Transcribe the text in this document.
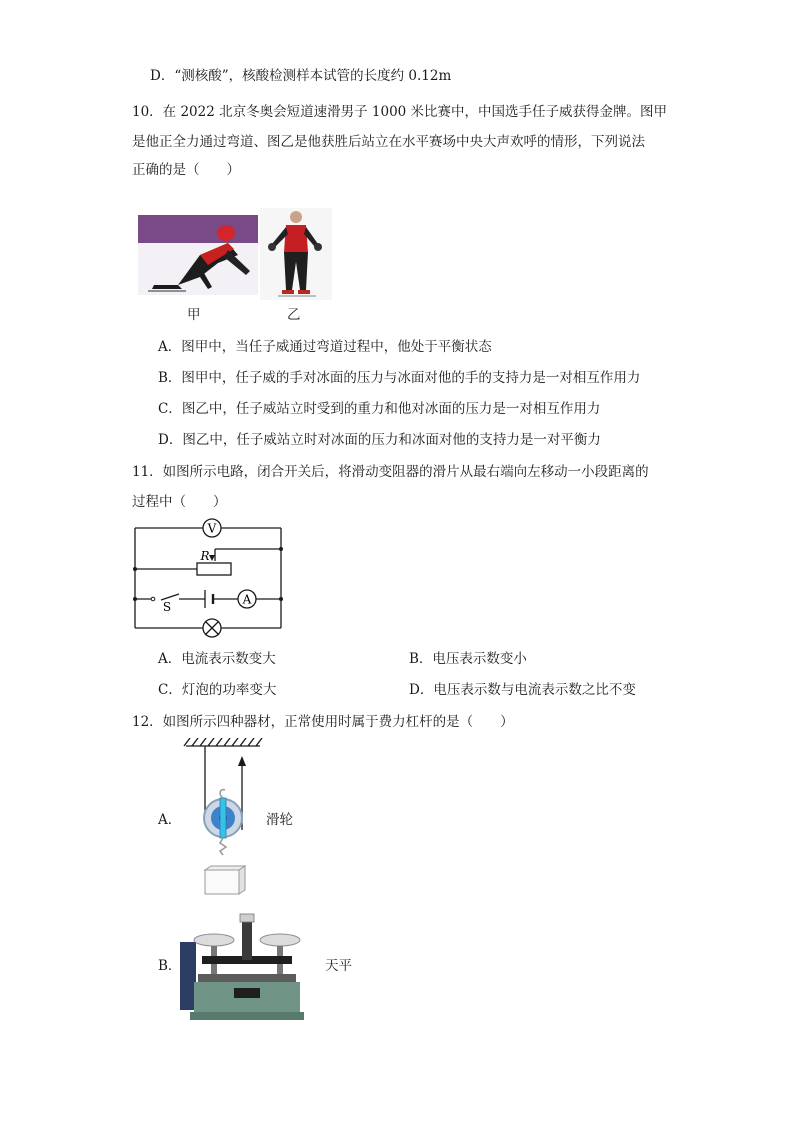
D．“测核酸”，核酸检测样本试管的长度约 0.12m
10．在 2022 北京冬奥会短道速滑男子 1000 米比赛中，中国选手任子威获得金牌。图甲
是他正全力通过弯道、图乙是他获胜后站立在水平赛场中央大声欢呼的情形，下列说法
正确的是（　　）
甲	乙
A．图甲中，当任子威通过弯道过程中，他处于平衡状态
B．图甲中，任子威的手对冰面的压力与冰面对他的手的支持力是一对相互作用力
C．图乙中，任子威站立时受到的重力和他对冰面的压力是一对相互作用力
D．图乙中，任子威站立时对冰面的压力和冰面对他的支持力是一对平衡力
11．如图所示电路，闭合开关后，将滑动变阻器的滑片从最右端向左移动一小段距离的
过程中（　　）
V
A
R
S
A．电流表示数变大	B．电压表示数变小
C．灯泡的功率变大	D．电压表示数与电流表示数之比不变
12．如图所示四种器材，正常使用时属于费力杠杆的是（　　）
A．	滑轮
B．	天平
